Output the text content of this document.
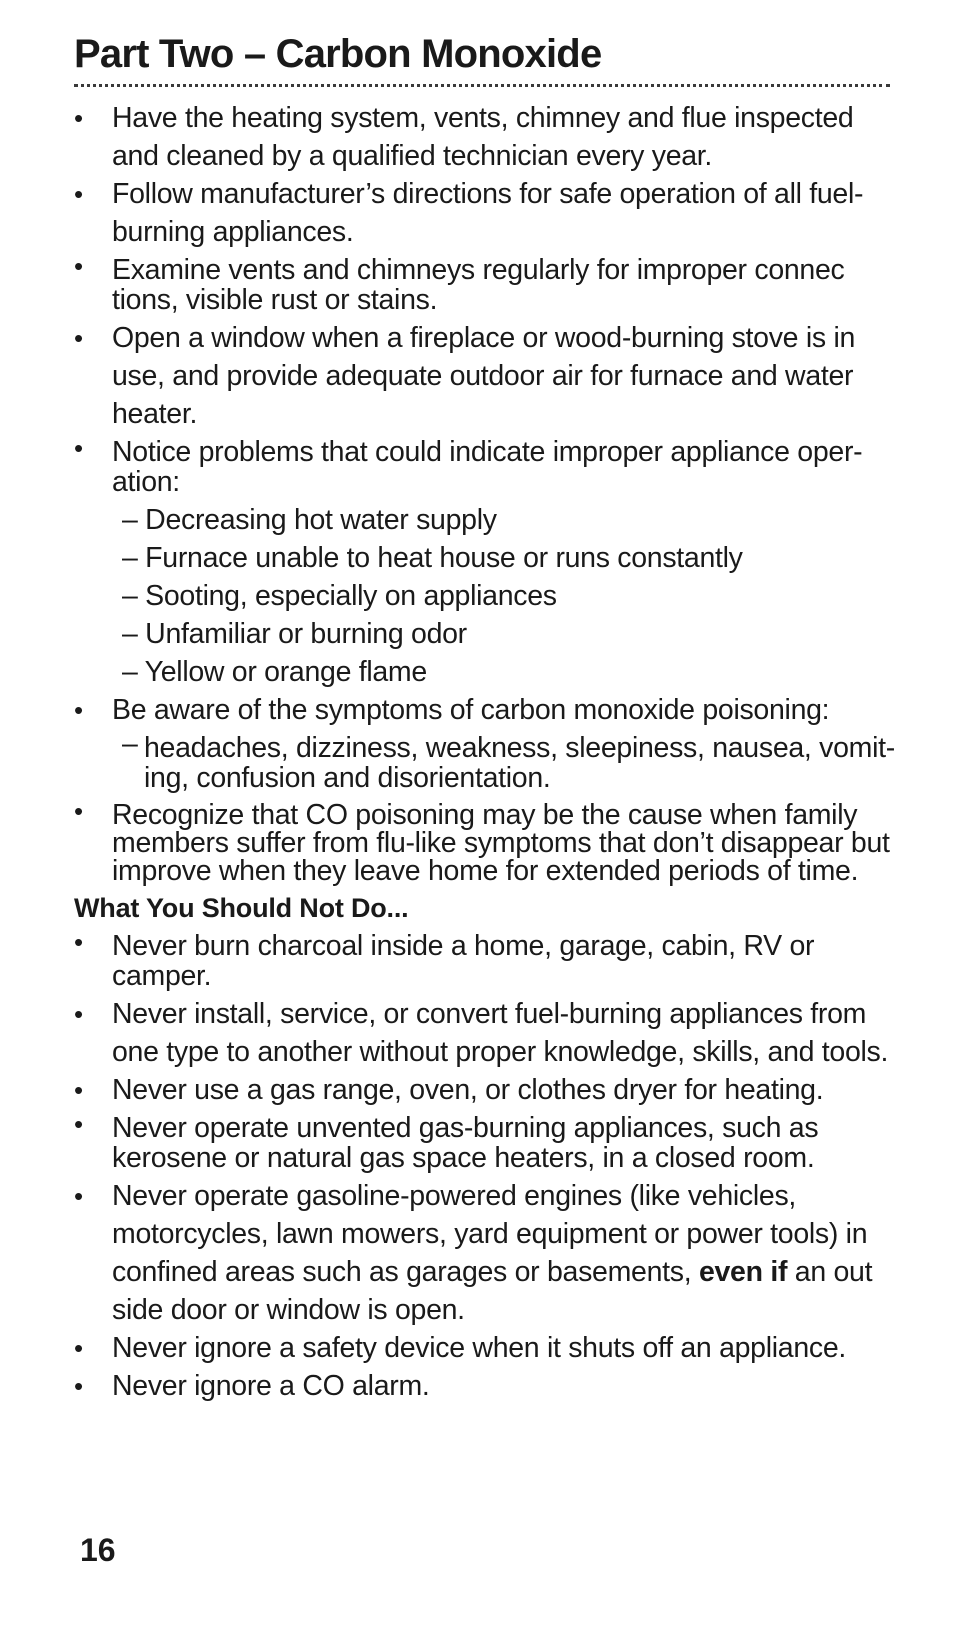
Part Two – Carbon Monoxide

• Have the heating system, vents, chimney and flue inspected and cleaned by a qualified technician every year.

• Follow manufacturer’s directions for safe operation of all fuel-burning appliances.

• Examine vents and chimneys regularly for improper connec tions, visible rust or stains.

• Open a window when a fireplace or wood-burning stove is in use, and provide adequate outdoor air for furnace and water heater.

• Notice problems that could indicate improper appliance oper-ation:

– Decreasing hot water supply

– Furnace unable to heat house or runs constantly

– Sooting, especially on appliances

– Unfamiliar or burning odor

– Yellow or orange flame

• Be aware of the symptoms of carbon monoxide poisoning:

– headaches, dizziness, weakness, sleepiness, nausea, vomit-ing, confusion and disorientation.

• Recognize that CO poisoning may be the cause when family members suffer from flu-like symptoms that don’t disappear but improve when they leave home for extended periods of time.

What You Should Not Do...

• Never burn charcoal inside a home, garage, cabin, RV or camper.

• Never install, service, or convert fuel-burning appliances from one type to another without proper knowledge, skills, and tools.

• Never use a gas range, oven, or clothes dryer for heating.

• Never operate unvented gas-burning appliances, such as kerosene or natural gas space heaters, in a closed room.

• Never operate gasoline-powered engines (like vehicles, motorcycles, lawn mowers, yard equipment or power tools) in confined areas such as garages or basements, even if an out side door or window is open.

• Never ignore a safety device when it shuts off an appliance.

• Never ignore a CO alarm.

16
